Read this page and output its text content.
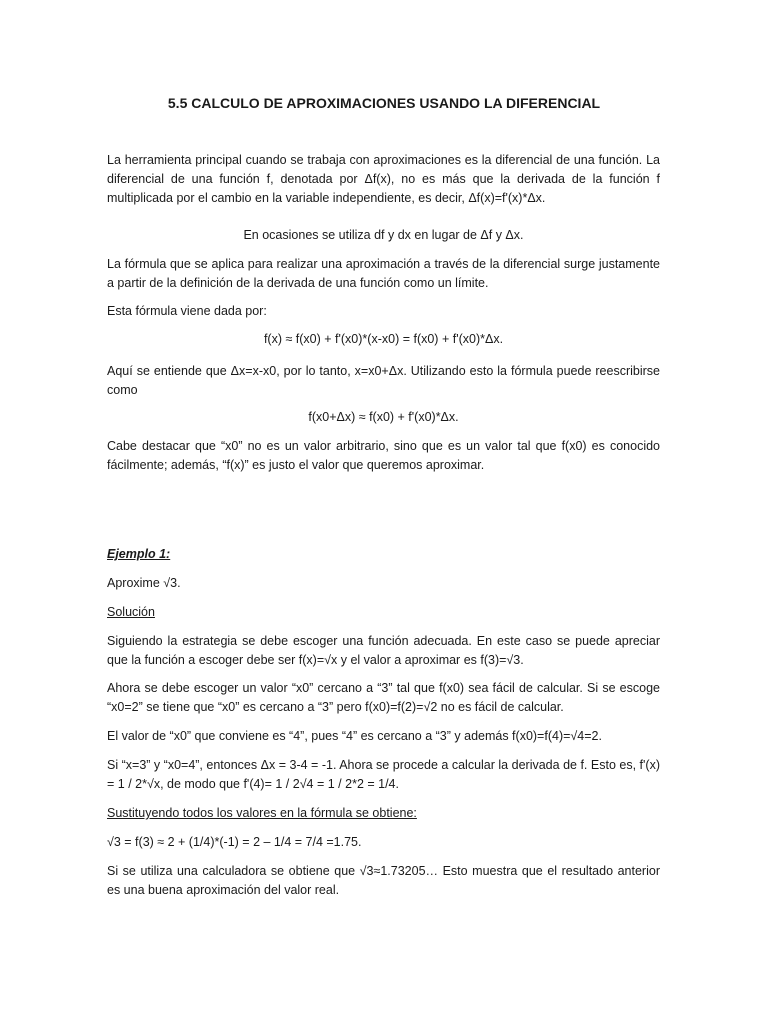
5.5 CALCULO DE APROXIMACIONES USANDO LA DIFERENCIAL

La herramienta principal cuando se trabaja con aproximaciones es la diferencial de una función. La diferencial de una función f, denotada por Δf(x), no es más que la derivada de la función f multiplicada por el cambio en la variable independiente, es decir, Δf(x)=f'(x)*Δx.

En ocasiones se utiliza df y dx en lugar de Δf y Δx.

La fórmula que se aplica para realizar una aproximación a través de la diferencial surge justamente a partir de la definición de la derivada de una función como un límite.

Esta fórmula viene dada por:

f(x) ≈ f(x0) + f'(x0)*(x-x0) = f(x0) + f'(x0)*Δx.

Aquí se entiende que Δx=x-x0, por lo tanto, x=x0+Δx. Utilizando esto la fórmula puede reescribirse como

f(x0+Δx) ≈ f(x0) + f'(x0)*Δx.

Cabe destacar que “x0” no es un valor arbitrario, sino que es un valor tal que f(x0) es conocido fácilmente; además, “f(x)” es justo el valor que queremos aproximar.

Ejemplo 1:

Aproxime √3.

Solución

Siguiendo la estrategia se debe escoger una función adecuada. En este caso se puede apreciar que la función a escoger debe ser f(x)=√x y el valor a aproximar es f(3)=√3.

Ahora se debe escoger un valor “x0” cercano a “3” tal que f(x0) sea fácil de calcular. Si se escoge “x0=2” se tiene que “x0” es cercano a “3” pero f(x0)=f(2)=√2 no es fácil de calcular.

El valor de “x0” que conviene es “4”, pues “4” es cercano a “3” y además f(x0)=f(4)=√4=2.

Si “x=3” y “x0=4”, entonces Δx = 3-4 = -1. Ahora se procede a calcular la derivada de f. Esto es, f'(x) = 1 / 2*√x, de modo que f'(4)= 1 / 2√4 = 1 / 2*2 = 1/4.

Sustituyendo todos los valores en la fórmula se obtiene:

√3 = f(3) ≈ 2 + (1/4)*(-1) = 2 – 1/4 = 7/4 =1.75.

Si se utiliza una calculadora se obtiene que √3≈1.73205… Esto muestra que el resultado anterior es una buena aproximación del valor real.
